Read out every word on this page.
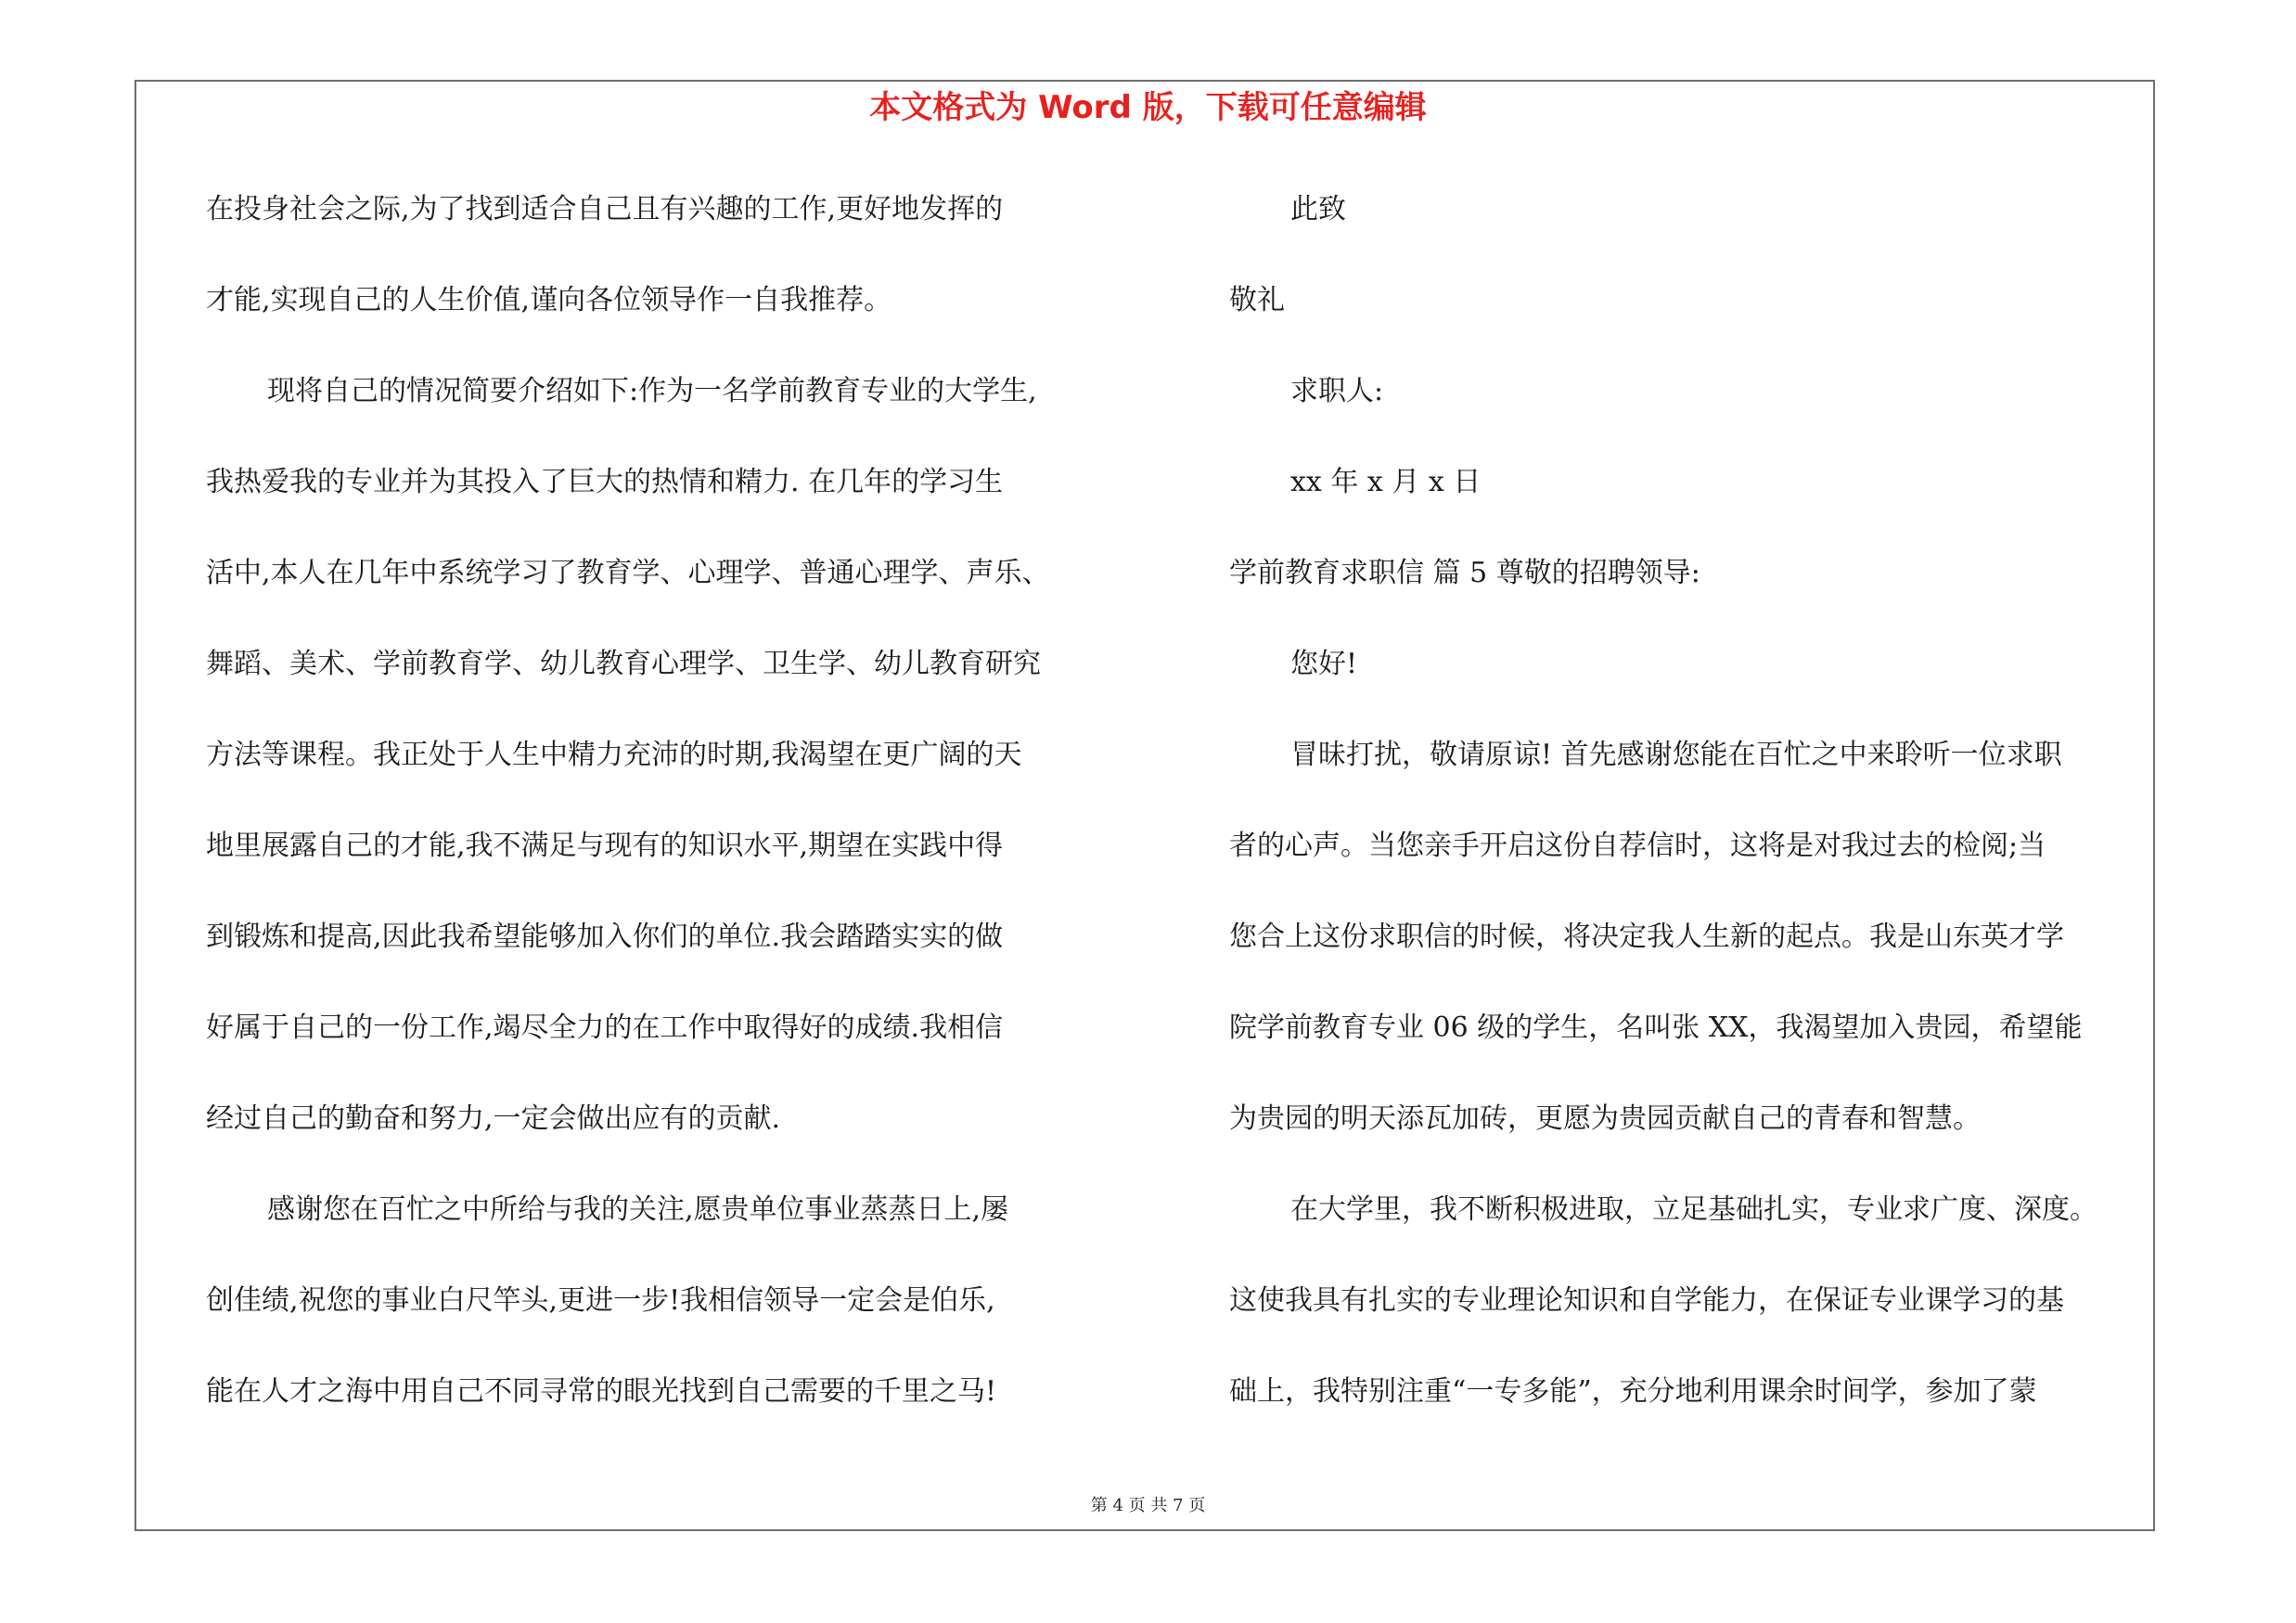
本文格式为 Word 版，下载可任意编辑
在投身社会之际,为了找到适合自己且有兴趣的工作,更好地发挥的
才能,实现自己的人生价值,谨向各位领导作一自我推荐。
现将自己的情况简要介绍如下:作为一名学前教育专业的大学生,
我热爱我的专业并为其投入了巨大的热情和精力. 在几年的学习生
活中,本人在几年中系统学习了教育学、心理学、普通心理学、声乐、
舞蹈、美术、学前教育学、幼儿教育心理学、卫生学、幼儿教育研究
方法等课程。我正处于人生中精力充沛的时期,我渴望在更广阔的天
地里展露自己的才能,我不满足与现有的知识水平,期望在实践中得
到锻炼和提高,因此我希望能够加入你们的单位.我会踏踏实实的做
好属于自己的一份工作,竭尽全力的在工作中取得好的成绩.我相信
经过自己的勤奋和努力,一定会做出应有的贡献.
感谢您在百忙之中所给与我的关注,愿贵单位事业蒸蒸日上,屡
创佳绩,祝您的事业白尺竿头,更进一步!我相信领导一定会是伯乐,
能在人才之海中用自己不同寻常的眼光找到自己需要的千里之马!
此致
敬礼
求职人:
xx 年 x 月 x 日
学前教育求职信 篇 5 尊敬的招聘领导:
您好!
冒昧打扰，敬请原谅! 首先感谢您能在百忙之中来聆听一位求职
者的心声。当您亲手开启这份自荐信时，这将是对我过去的检阅;当
您合上这份求职信的时候，将决定我人生新的起点。我是山东英才学
院学前教育专业 06 级的学生，名叫张 XX，我渴望加入贵园，希望能
为贵园的明天添瓦加砖，更愿为贵园贡献自己的青春和智慧。
在大学里，我不断积极进取，立足基础扎实，专业求广度、深度。
这使我具有扎实的专业理论知识和自学能力，在保证专业课学习的基
础上，我特别注重“一专多能”，充分地利用课余时间学，参加了蒙
第 4 页 共 7 页
